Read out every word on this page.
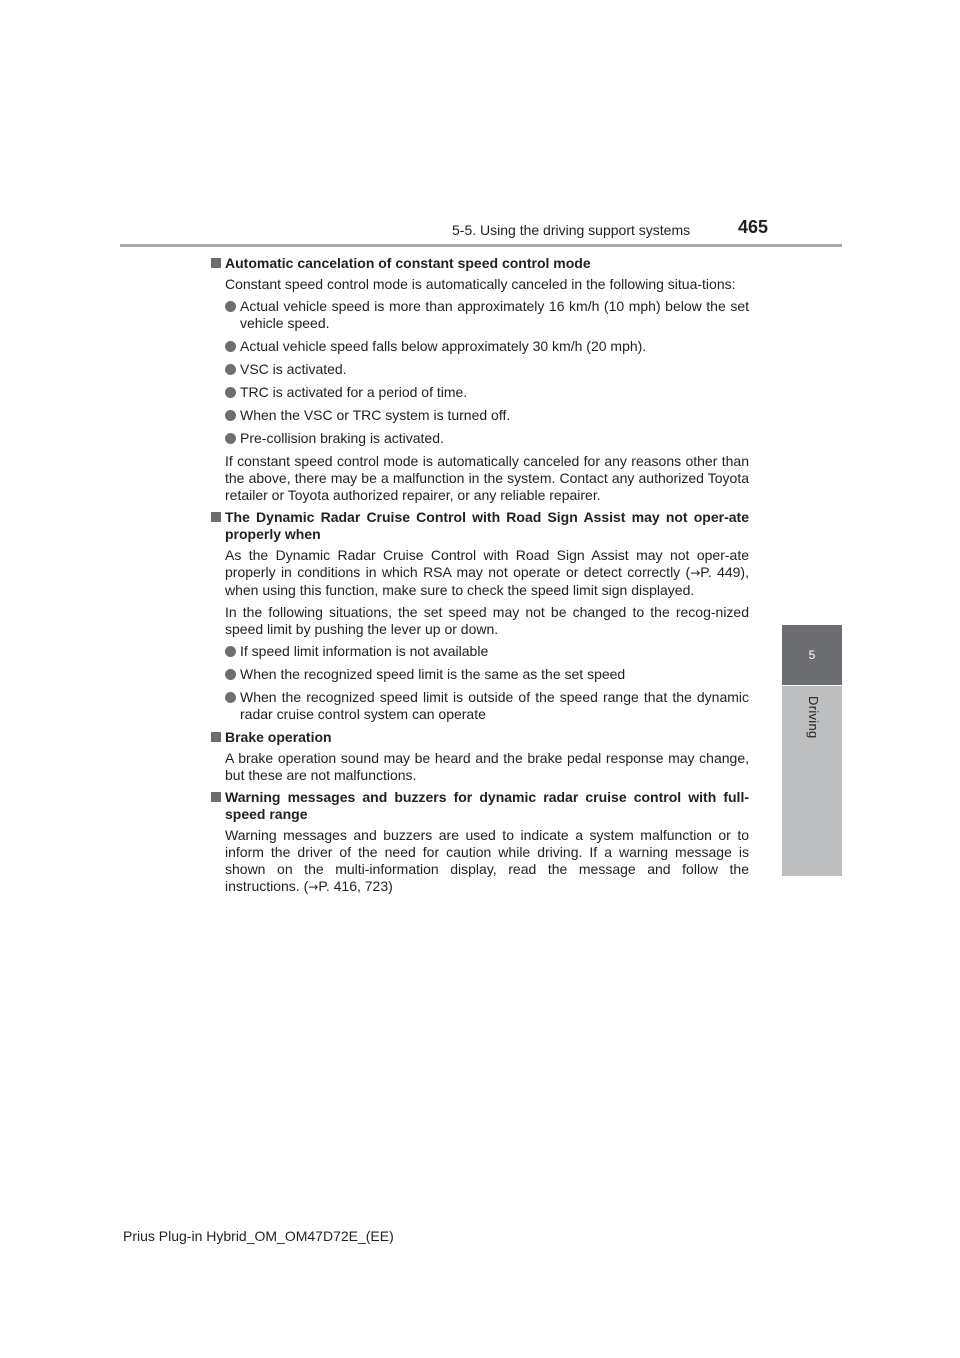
5-5. Using the driving support systems	465
5
Driving

Automatic cancelation of constant speed control mode

Constant speed control mode is automatically canceled in the following situa-tions:

Actual vehicle speed is more than approximately 16 km/h (10 mph) below the set vehicle speed.
Actual vehicle speed falls below approximately 30 km/h (20 mph).
VSC is activated.
TRC is activated for a period of time.
When the VSC or TRC system is turned off.
Pre-collision braking is activated.

If constant speed control mode is automatically canceled for any reasons other than the above, there may be a malfunction in the system. Contact any authorized Toyota retailer or Toyota authorized repairer, or any reliable repairer.

The Dynamic Radar Cruise Control with Road Sign Assist may not oper-ate properly when

As the Dynamic Radar Cruise Control with Road Sign Assist may not oper-ate properly in conditions in which RSA may not operate or detect correctly (→P. 449), when using this function, make sure to check the speed limit sign displayed.

In the following situations, the set speed may not be changed to the recog-nized speed limit by pushing the lever up or down.

If speed limit information is not available
When the recognized speed limit is the same as the set speed
When the recognized speed limit is outside of the speed range that the dynamic radar cruise control system can operate

Brake operation

A brake operation sound may be heard and the brake pedal response may change, but these are not malfunctions.

Warning messages and buzzers for dynamic radar cruise control with full-speed range

Warning messages and buzzers are used to indicate a system malfunction or to inform the driver of the need for caution while driving. If a warning message is shown on the multi-information display, read the message and follow the instructions. (→P. 416, 723)

Prius Plug-in Hybrid_OM_OM47D72E_(EE)
